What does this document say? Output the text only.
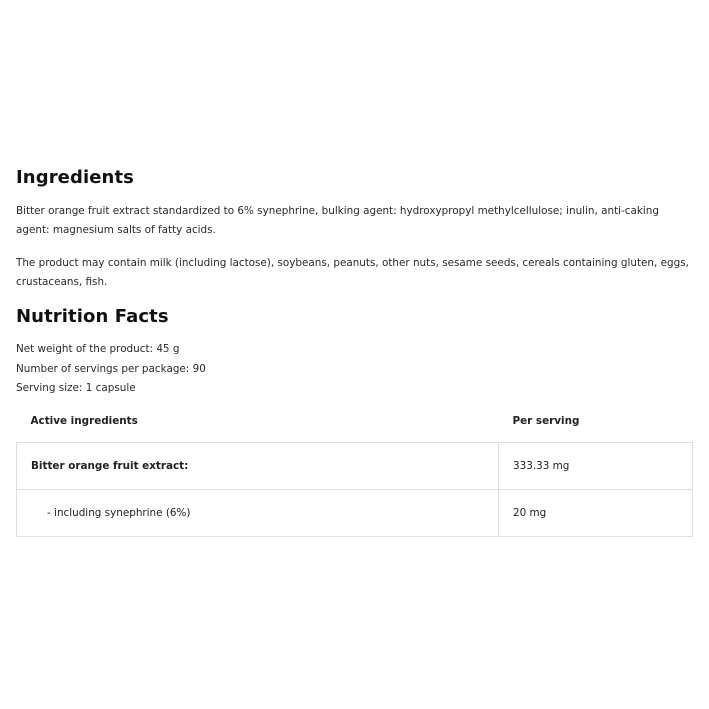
Ingredients

Bitter orange fruit extract standardized to 6% synephrine, bulking agent: hydroxypropyl methylcellulose; inulin, anti-caking agent: magnesium salts of fatty acids.

The product may contain milk (including lactose), soybeans, peanuts, other nuts, sesame seeds, cereals containing gluten, eggs, crustaceans, fish.

Nutrition Facts
Net weight of the product: 45 g
Number of servings per package: 90
Serving size: 1 capsule
Active ingredients	Per serving
Bitter orange fruit extract:	333.33 mg
- including synephrine (6%)	20 mg
